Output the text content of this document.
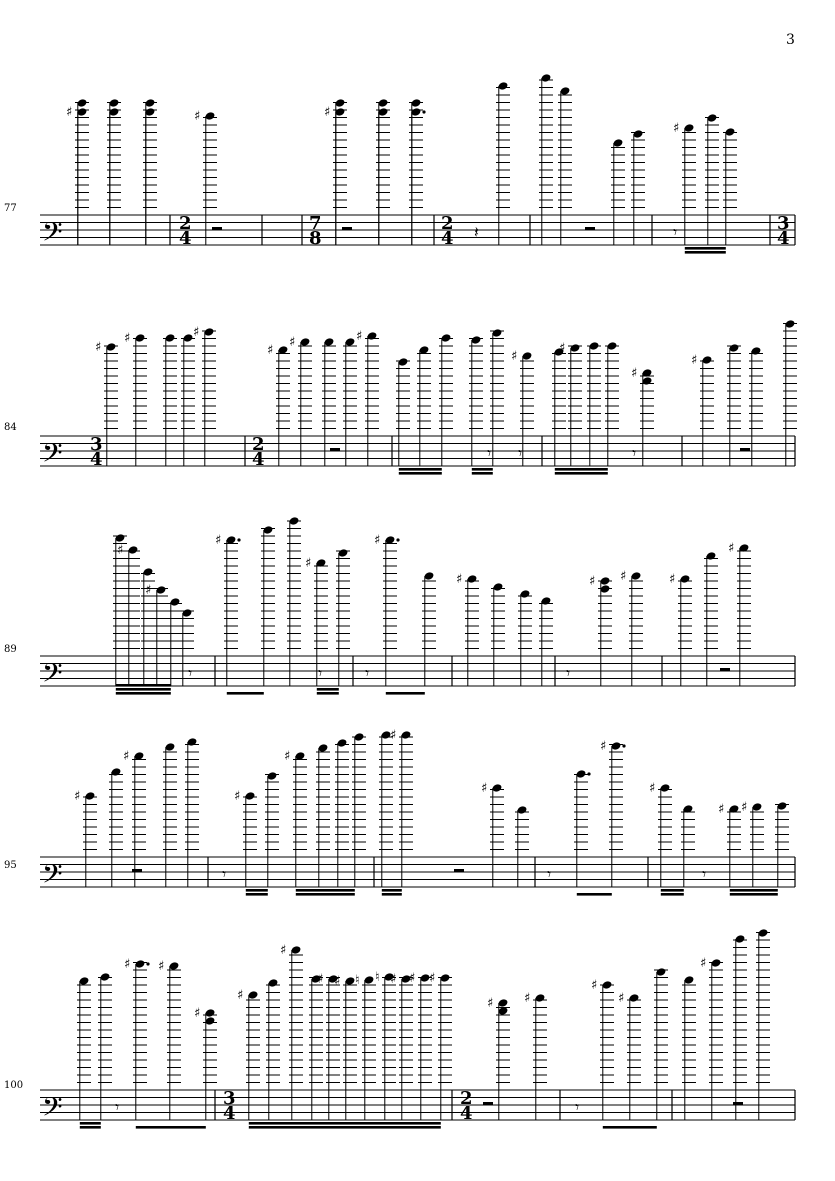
3
77
𝄢	2
4
7
8
2
4
3
4
♯	♯	♯
♯
𝄽	𝄾
84
𝄢 3
4
2
4
♯
♯	♯
♯
♯	♯
♯
♯
♯
♯
𝄾 𝄾	𝄾
89
𝄢
♯
♯
♯
♯
♯
♯	♯ ♯	♯
♯
𝄾	𝄾	𝄾	𝄾
95 𝄢
♯
♯
♯
♯
♯
♯
♯
♯
♯ ♯
𝄾	𝄾	𝄾
100
𝄢	3
4
2
4
♯ ♯
♯
♯
♯
♯ ♯ ♮ ♮ ♯ ♯ ♯
♯ ♯
♯
♯
♯
𝄾	𝄾
